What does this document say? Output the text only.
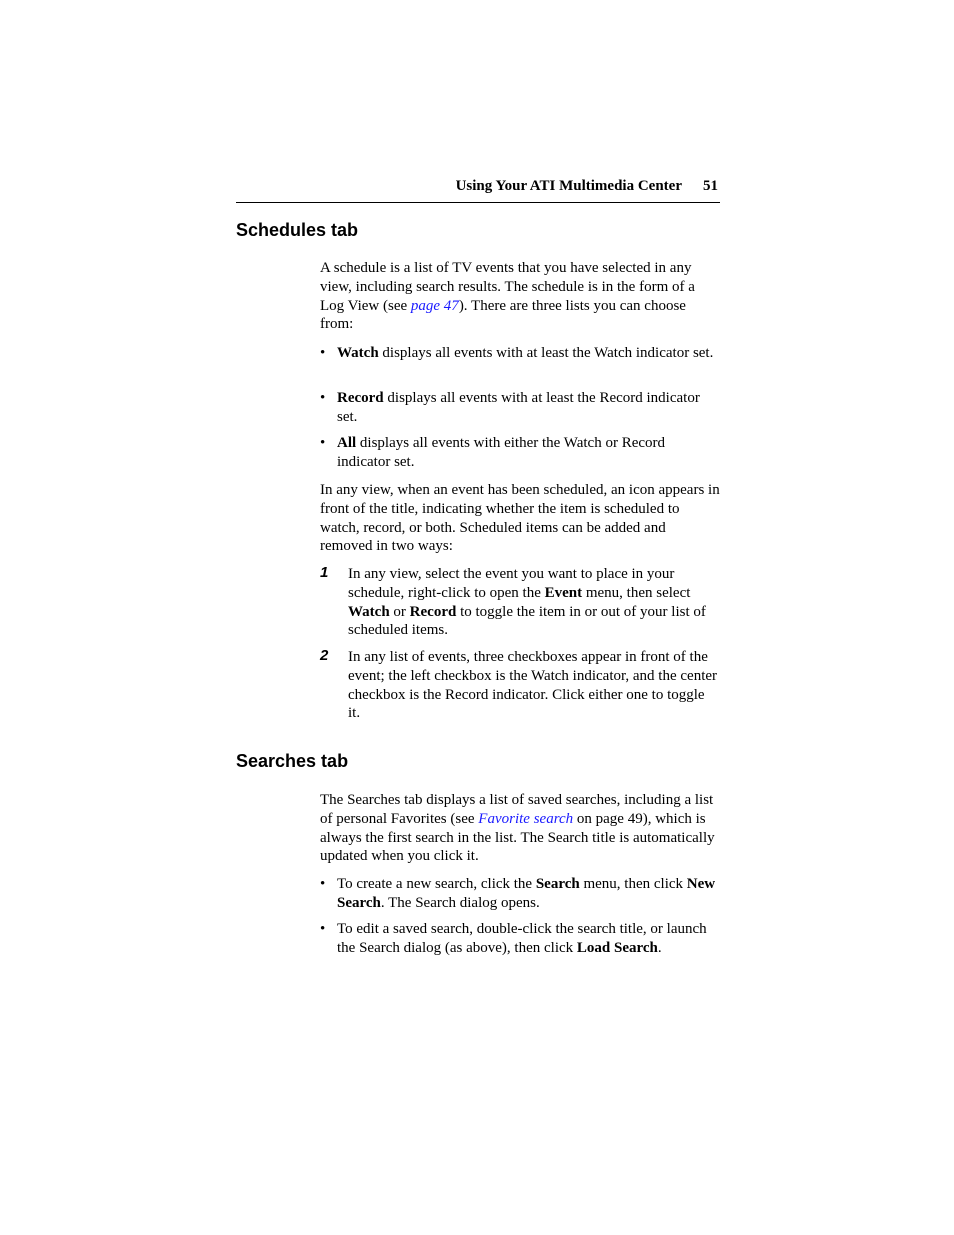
Using Your ATI Multimedia Center 51
Schedules tab

A schedule is a list of TV events that you have selected in any view, including search results. The schedule is in the form of a Log View (see page 47). There are three lists you can choose from:

• Watch displays all events with at least the Watch indicator set.
• Record displays all events with at least the Record indicator set.
• All displays all events with either the Watch or Record indicator set.

In any view, when an event has been scheduled, an icon appears in front of the title, indicating whether the item is scheduled to watch, record, or both. Scheduled items can be added and removed in two ways:

1 In any view, select the event you want to place in your schedule, right-click to open the Event menu, then select Watch or Record to toggle the item in or out of your list of scheduled items.
2 In any list of events, three checkboxes appear in front of the event; the left checkbox is the Watch indicator, and the center checkbox is the Record indicator. Click either one to toggle it.
Searches tab

The Searches tab displays a list of saved searches, including a list of personal Favorites (see Favorite search on page 49), which is always the first search in the list. The Search title is automatically updated when you click it.

• To create a new search, click the Search menu, then click New Search. The Search dialog opens.
• To edit a saved search, double-click the search title, or launch the Search dialog (as above), then click Load Search.
